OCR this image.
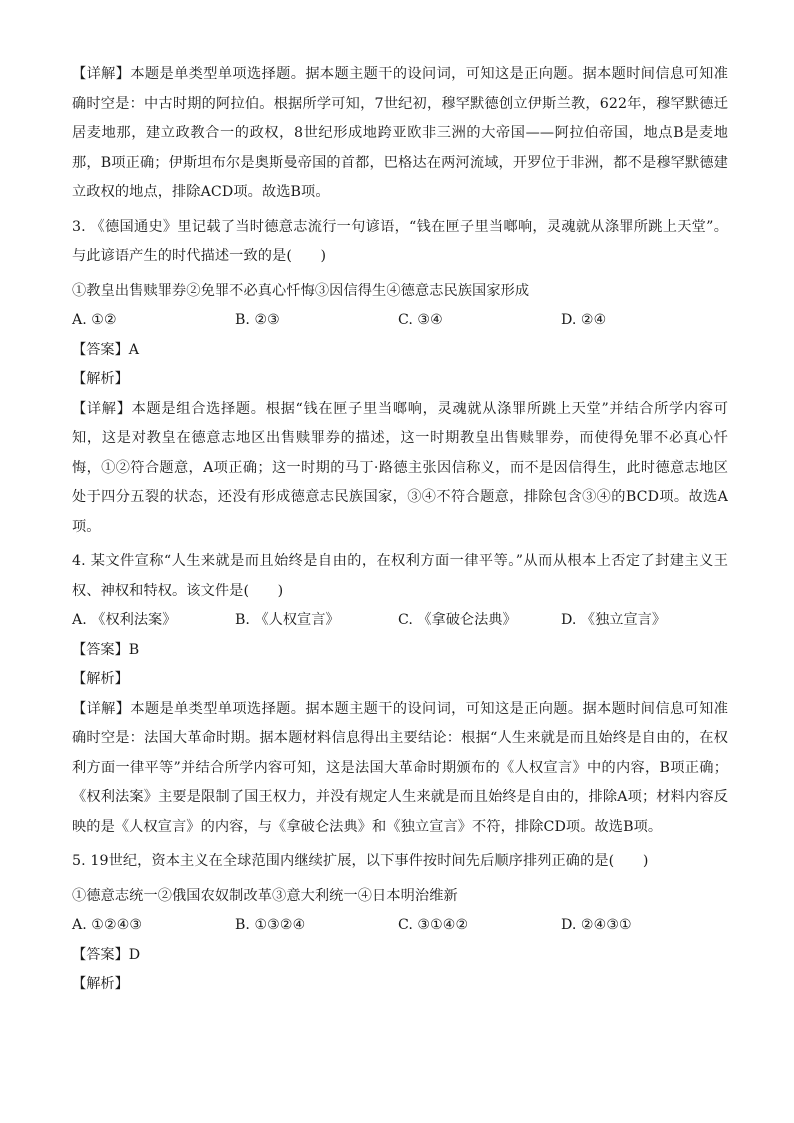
【详解】本题是单类型单项选择题。据本题主题干的设问词，可知这是正向题。据本题时间信息可知准确时空是：中古时期的阿拉伯。根据所学可知，7世纪初，穆罕默德创立伊斯兰教，622年，穆罕默德迁居麦地那，建立政教合一的政权，8世纪形成地跨亚欧非三洲的大帝国——阿拉伯帝国，地点B是麦地那，B项正确；伊斯坦布尔是奥斯曼帝国的首都，巴格达在两河流域，开罗位于非洲，都不是穆罕默德建立政权的地点，排除ACD项。故选B项。

3. 《德国通史》里记载了当时德意志流行一句谚语，“钱在匣子里当啷响，灵魂就从涤罪所跳上天堂”。与此谚语产生的时代描述一致的是(　　)

①教皇出售赎罪券②免罪不必真心忏悔③因信得生④德意志民族国家形成

A. ①②	B. ②③	C. ③④	D. ②④

【答案】A

【解析】

【详解】本题是组合选择题。根据“钱在匣子里当啷响，灵魂就从涤罪所跳上天堂”并结合所学内容可知，这是对教皇在德意志地区出售赎罪券的描述，这一时期教皇出售赎罪券，而使得免罪不必真心忏悔，①②符合题意，A项正确；这一时期的马丁·路德主张因信称义，而不是因信得生，此时德意志地区处于四分五裂的状态，还没有形成德意志民族国家，③④不符合题意，排除包含③④的BCD项。故选A项。

4. 某文件宣称“人生来就是而且始终是自由的，在权利方面一律平等。”从而从根本上否定了封建主义王权、神权和特权。该文件是(　　)

A. 《权利法案》	B. 《人权宣言》	C. 《拿破仑法典》	D. 《独立宣言》

【答案】B

【解析】

【详解】本题是单类型单项选择题。据本题主题干的设问词，可知这是正向题。据本题时间信息可知准确时空是：法国大革命时期。据本题材料信息得出主要结论：根据“人生来就是而且始终是自由的，在权利方面一律平等”并结合所学内容可知，这是法国大革命时期颁布的《人权宣言》中的内容，B项正确；《权利法案》主要是限制了国王权力，并没有规定人生来就是而且始终是自由的，排除A项；材料内容反映的是《人权宣言》的内容，与《拿破仑法典》和《独立宣言》不符，排除CD项。故选B项。

5. 19世纪，资本主义在全球范围内继续扩展，以下事件按时间先后顺序排列正确的是(　　)

①德意志统一②俄国农奴制改革③意大利统一④日本明治维新

A. ①②④③	B. ①③②④	C. ③①④②	D. ②④③①

【答案】D

【解析】
